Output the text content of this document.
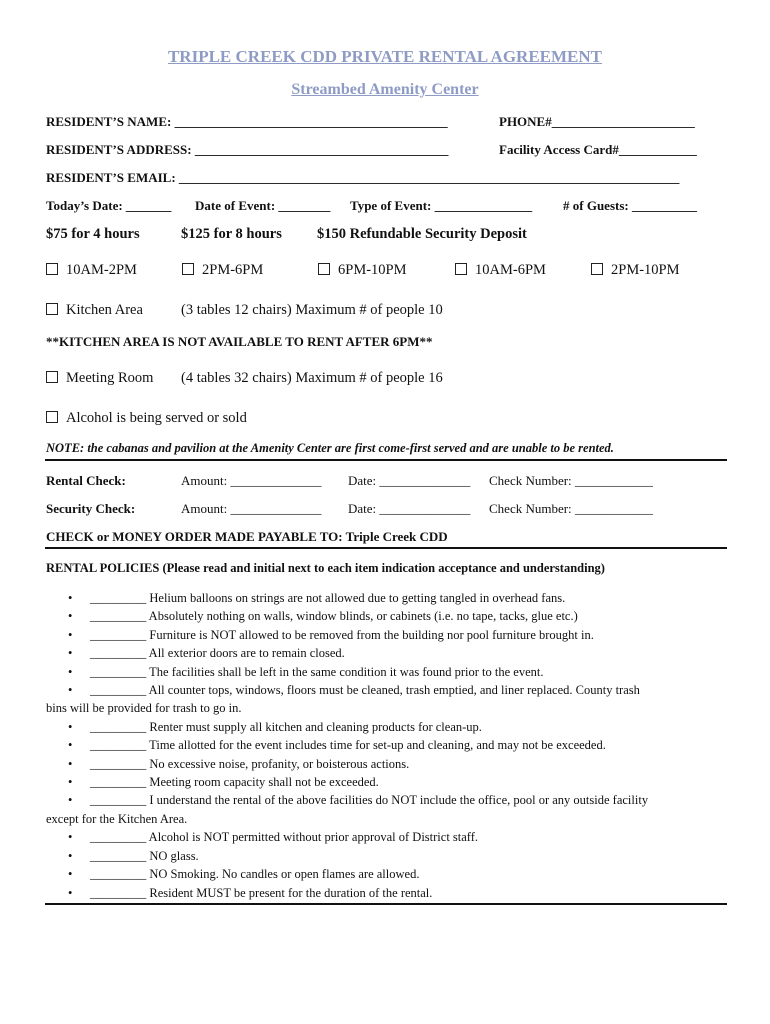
TRIPLE CREEK CDD PRIVATE RENTAL AGREEMENT
Streambed Amenity Center
RESIDENT’S NAME: __________________________________________	PHONE#______________________
RESIDENT’S ADDRESS: _______________________________________	Facility Access Card#____________
RESIDENT’S EMAIL: _____________________________________________________________________________
Today’s Date: _______ Date of Event: ________ Type of Event: _______________ # of Guests: __________
$75 for 4 hours	$125 for 8 hours $150 Refundable Security Deposit
10AM-2PM	2PM-6PM	6PM-10PM	10AM-6PM	2PM-10PM
Kitchen Area	(3 tables 12 chairs) Maximum # of people 10
**KITCHEN AREA IS NOT AVAILABLE TO RENT AFTER 6PM**
Meeting Room (4 tables 32 chairs) Maximum # of people 16
Alcohol is being served or sold
NOTE: the cabanas and pavilion at the Amenity Center are first come-first served and are unable to be rented.
Rental Check:	Amount: ______________ Date: ______________ Check Number: ____________
Security Check:	Amount: ______________ Date: ______________ Check Number: ____________
CHECK or MONEY ORDER MADE PAYABLE TO: Triple Creek CDD
RENTAL POLICIES (Please read and initial next to each item indication acceptance and understanding)
• _________ Helium balloons on strings are not allowed due to getting tangled in overhead fans.
• _________ Absolutely nothing on walls, window blinds, or cabinets (i.e. no tape, tacks, glue etc.)
• _________ Furniture is NOT allowed to be removed from the building nor pool furniture brought in.
• _________ All exterior doors are to remain closed.
• _________ The facilities shall be left in the same condition it was found prior to the event.
• _________ All counter tops, windows, floors must be cleaned, trash emptied, and liner replaced. County trash
bins will be provided for trash to go in.
• _________ Renter must supply all kitchen and cleaning products for clean-up.
• _________ Time allotted for the event includes time for set-up and cleaning, and may not be exceeded.
• _________ No excessive noise, profanity, or boisterous actions.
• _________ Meeting room capacity shall not be exceeded.
• _________ I understand the rental of the above facilities do NOT include the office, pool or any outside facility
except for the Kitchen Area.
• _________ Alcohol is NOT permitted without prior approval of District staff.
• _________ NO glass.
• _________ NO Smoking. No candles or open flames are allowed.
• _________ Resident MUST be present for the duration of the rental.
